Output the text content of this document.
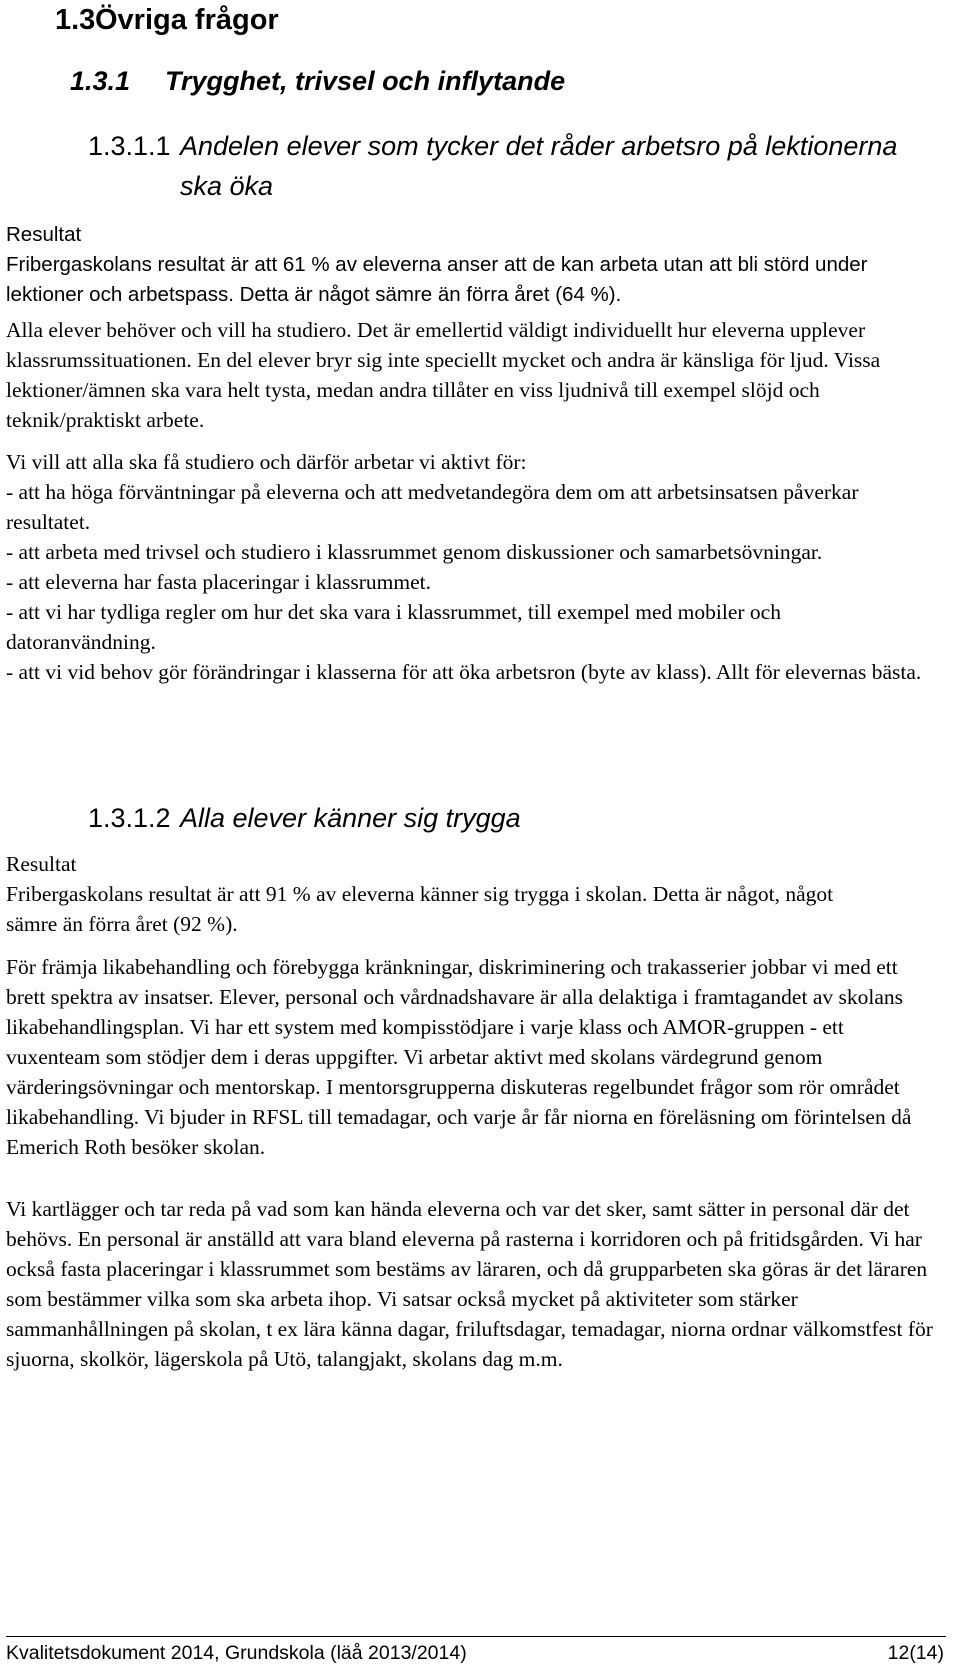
1.3Övriga frågor
1.3.1 Trygghet, trivsel och inflytande
1.3.1.1 Andelen elever som tycker det råder arbetsro på lektionerna ska öka
Resultat

Fribergaskolans resultat är att 61 % av eleverna anser att de kan arbeta utan att bli störd under lektioner och arbetspass. Detta är något sämre än förra året (64 %).

Alla elever behöver och vill ha studiero. Det är emellertid väldigt individuellt hur eleverna upplever klassrumssituationen. En del elever bryr sig inte speciellt mycket och andra är känsliga för ljud. Vissa lektioner/ämnen ska vara helt tysta, medan andra tillåter en viss ljudnivå till exempel slöjd och teknik/praktiskt arbete.

Vi vill att alla ska få studiero och därför arbetar vi aktivt för:

- att ha höga förväntningar på eleverna och att medvetandegöra dem om att arbetsinsatsen påverkar resultatet.

- att arbeta med trivsel och studiero i klassrummet genom diskussioner och samarbetsövningar.

- att eleverna har fasta placeringar i klassrummet.

- att vi har tydliga regler om hur det ska vara i klassrummet, till exempel med mobiler och datoranvändning.

- att vi vid behov gör förändringar i klasserna för att öka arbetsron (byte av klass). Allt för elevernas bästa.

1.3.1.2 Alla elever känner sig trygga
Resultat

Fribergaskolans resultat är att 91 % av eleverna känner sig trygga i skolan. Detta är något, något sämre än förra året (92 %).

För främja likabehandling och förebygga kränkningar, diskriminering och trakasserier jobbar vi med ett brett spektra av insatser. Elever, personal och vårdnadshavare är alla delaktiga i framtagandet av skolans likabehandlingsplan. Vi har ett system med kompisstödjare i varje klass och AMOR-gruppen - ett vuxenteam som stödjer dem i deras uppgifter. Vi arbetar aktivt med skolans värdegrund genom värderingsövningar och mentorskap. I mentorsgrupperna diskuteras regelbundet frågor som rör området likabehandling. Vi bjuder in RFSL till temadagar, och varje år får niorna en föreläsning om förintelsen då Emerich Roth besöker skolan.

Vi kartlägger och tar reda på vad som kan hända eleverna och var det sker, samt sätter in personal där det behövs. En personal är anställd att vara bland eleverna på rasterna i korridoren och på fritidsgården. Vi har också fasta placeringar i klassrummet som bestäms av läraren, och då grupparbeten ska göras är det läraren som bestämmer vilka som ska arbeta ihop. Vi satsar också mycket på aktiviteter som stärker sammanhållningen på skolan, t ex lära känna dagar, friluftsdagar, temadagar, niorna ordnar välkomstfest för sjuorna, skolkör, lägerskola på Utö, talangjakt, skolans dag m.m.

Kvalitetsdokument 2014, Grundskola (läå 2013/2014)	12(14)
